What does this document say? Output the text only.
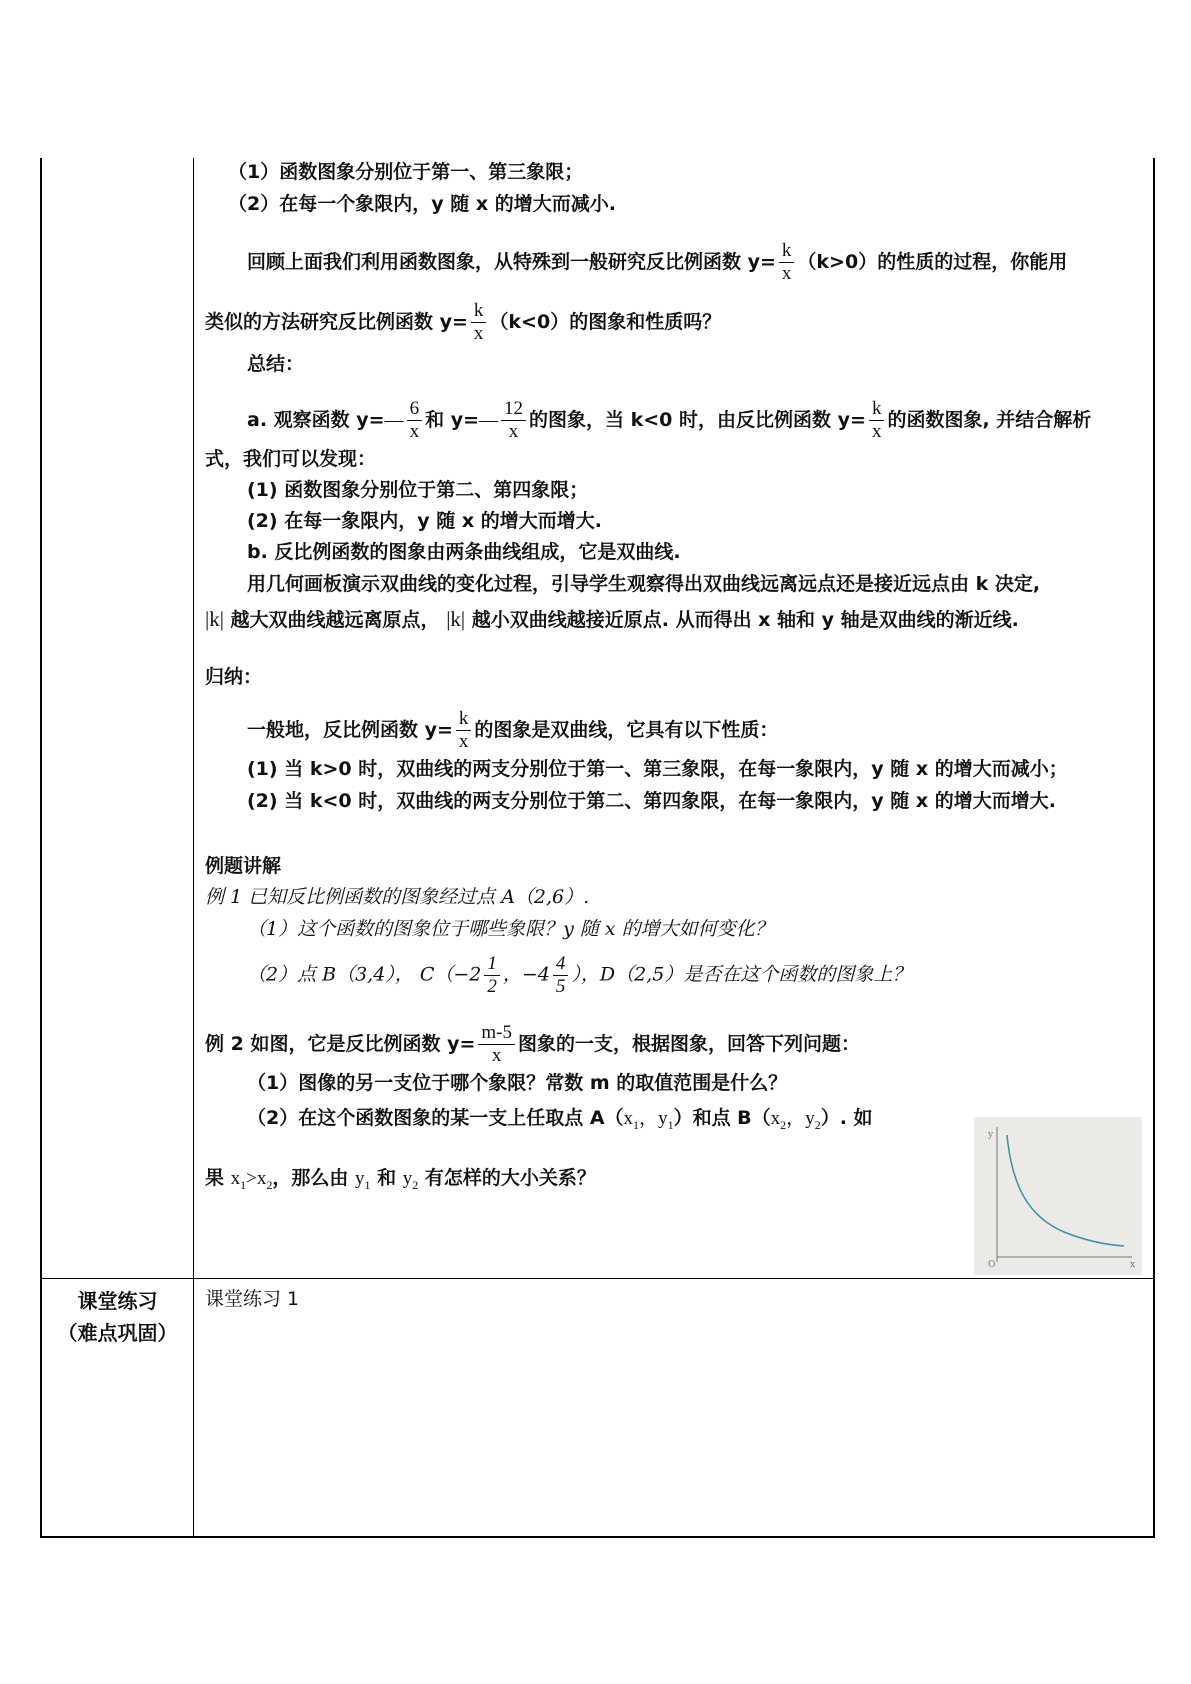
课堂练习
（难点巩固）
（1）函数图象分别位于第一、第三象限；
（2）在每一个象限内，y 随 x 的增大而减小.
回顾上面我们利用函数图象，从特殊到一般研究反比例函数 $y= \frac{k}{x} (k>0)$的性质的过程，你能用
类似的方法研究反比例函数 $y= \frac{k}{x} (k<0)$的图象和性质吗？
总结：
a. 观察函数 y=— $\frac{6}{x}$ 和 y=— $\frac{12}{x}$ 的图象，当 k<0 时，由反比例函数 $y= \frac{k}{x}$ 的函数图象, 并结合解析
式，我们可以发现：
(1) 函数图象分别位于第二、第四象限；
(2) 在每一象限内，y 随 x 的增大而增大.
b. 反比例函数的图象由两条曲线组成，它是双曲线.
用几何画板演示双曲线的变化过程，引导学生观察得出双曲线远离远点还是接近远点由 k 决定,
|k| 越大双曲线越远离原点， |k| 越小双曲线越接近原点. 从而得出 x 轴和 y 轴是双曲线的渐近线.
归纳：
一般地，反比例函数 $y= \frac{k}{x}$ 的图象是双曲线，它具有以下性质：
(1) 当 k>0 时，双曲线的两支分别位于第一、第三象限，在每一象限内，y 随 x 的增大而减小；
(2) 当 k<0 时，双曲线的两支分别位于第二、第四象限，在每一象限内，y 随 x 的增大而增大.
例题讲解
例 1 已知反比例函数的图象经过点 A（2,6）.
（1）这个函数的图象位于哪些象限？y 随 x 的增大如何变化？
（2）点 B（3,4）， $C(-2 \frac{1}{2}$ ，$-4 \frac{4}{5}$ ），D（2,5）是否在这个函数的图象上？
例 2 如图，它是反比例函数 $y= \frac{m-5}{x}$ 图象的一支，根据图象，回答下列问题：
（1）图像的另一支位于哪个象限？常数 m 的取值范围是什么？
（2）在这个函数图象的某一支上任取点 $A(x_1$，$y_1$）和点 $B(x_2$，$y_2$）. 如
果 $x_1>x_2$，那么由 $y_1$ 和 $y_2$ 有怎样的大小关系？
y
x
O
课堂练习 1
